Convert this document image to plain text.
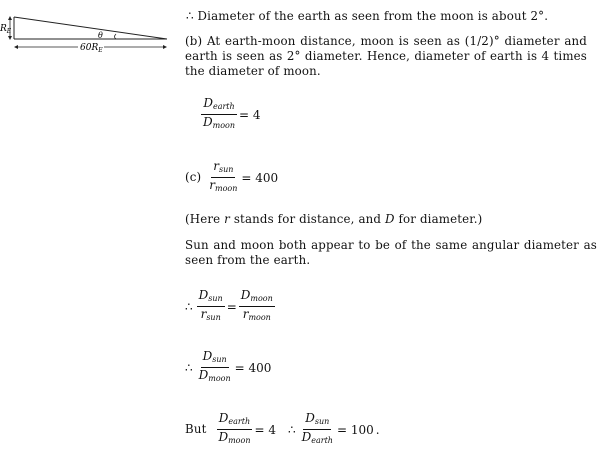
$R_E$	θ
$60R_E$
∴ Diameter of the earth as seen from the moon is about 2°.
(b) At earth-moon distance, moon is seen as (1/2)° diameter and earth is seen as 2° diameter. Hence, diameter of earth is 4 times the diameter of moon.
$\frac{D_{earth}}{D_{moon}} = 4$
$(c) \frac{r_{sun}}{r_{moon}} = 400$
(Here r stands for distance, and D for diameter.)
Sun and moon both appear to be of the same angular diameter as seen from the earth.
∴ $\frac{D_{sun}}{r_{sun}} = \frac{D_{moon}}{r_{moon}}$
∴ $\frac{D_{sun}}{D_{moon}} = 400$
But $\frac{D_{earth}}{D_{moon}} = 4$ ∴ $\frac{D_{sun}}{D_{earth}} = 100$ .
